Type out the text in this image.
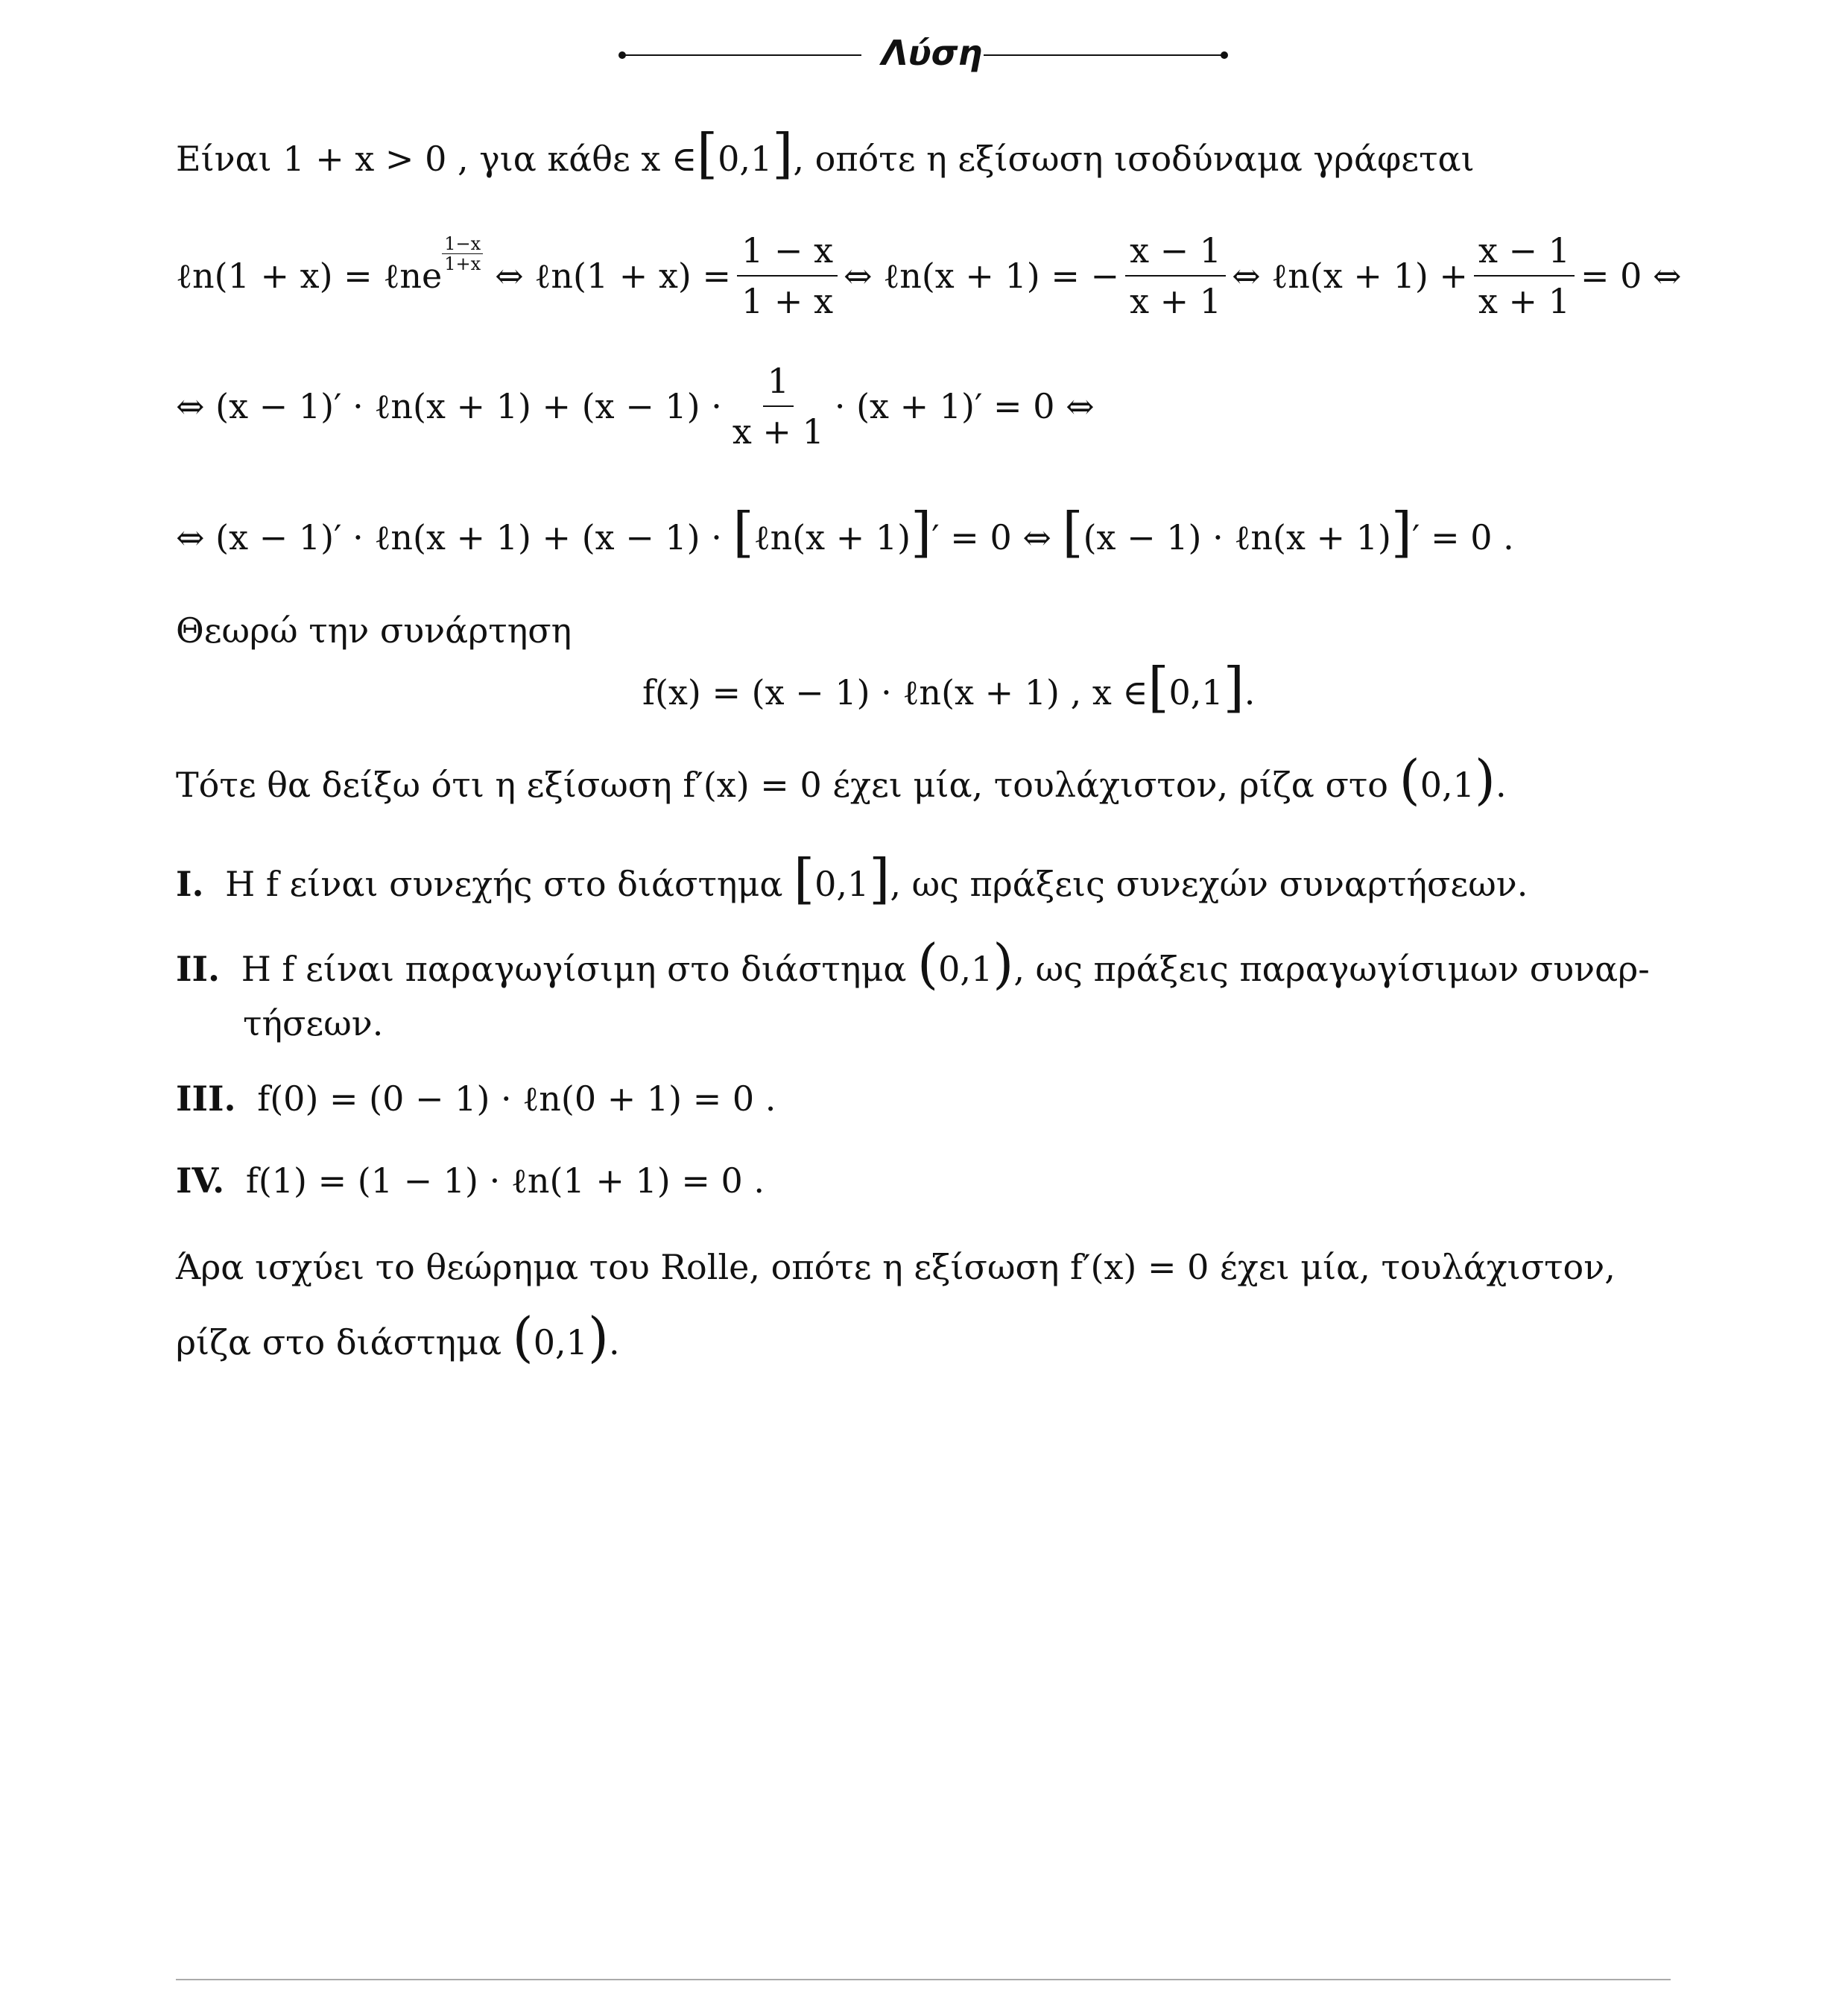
Λύση
Είναι 1 + x > 0 , για κάθε x ∈[0,1], οπότε η εξίσωση ισοδύναμα γράφεται
ℓn(1 + x) = ℓne
1−x
1+x ⇔ ℓn(1 + $x) = \frac{1 - x}{1 + x}$ ⇔ ℓn(x + 1) = − $\frac{x - 1}{x + 1}$ ⇔ ℓn(x + $1) + \frac{x - 1}{x + 1} = 0$ ⇔
⇔ (x − 1)′ · ℓn(x + $1) + (x - 1) \cdot \frac{1}{x + 1} \cdot (x + 1)' = 0$ ⇔
⇔ (x − 1)′ · ℓn(x + 1) + (x − 1) · [ℓn(x + 1)]′ = 0 ⇔ [(x − 1) · ℓn(x + 1)]′ = 0 .
Θεωρώ την συνάρτηση
f(x) = (x − 1) · ℓn(x + 1) , x ∈[0,1].
Τότε θα δείξω ότι η εξίσωση f′(x) = 0 έχει μία, τουλάχιστον, ρίζα στο (0,1).
I. Η f είναι συνεχής στο διάστημα [0,1], ως πράξεις συνεχών συναρτήσεων.
II. Η f είναι παραγωγίσιμη στο διάστημα (0,1), ως πράξεις παραγωγίσιμων συναρ-
τήσεων.
III. f(0) = (0 − 1) · ℓn(0 + 1) = 0 .
IV. f(1) = (1 − 1) · ℓn(1 + 1) = 0 .
Άρα ισχύει το θεώρημα του Rolle, οπότε η εξίσωση f′(x) = 0 έχει μία, τουλάχιστον,
ρίζα στο διάστημα (0,1).
